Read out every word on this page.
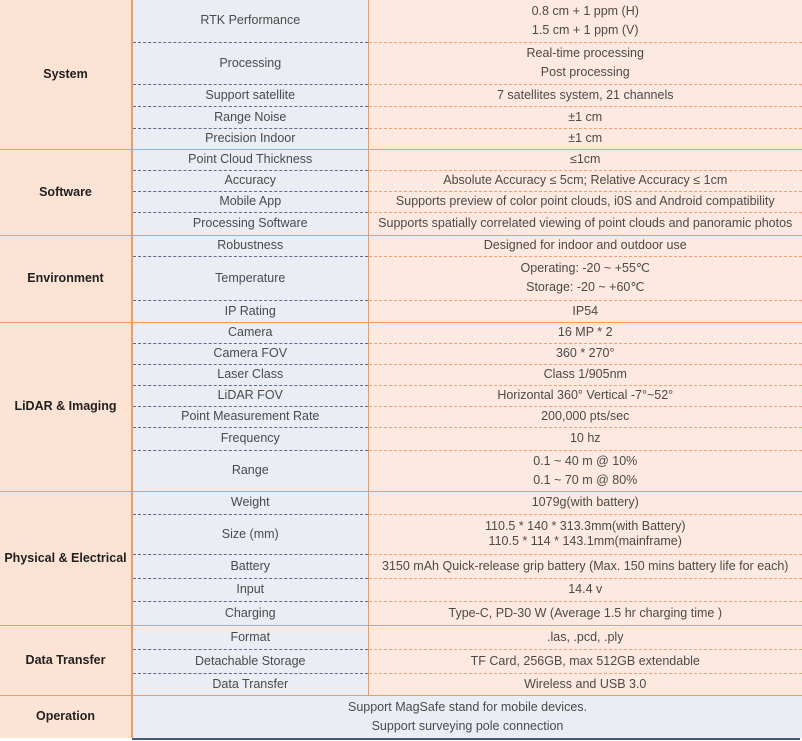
System	RTK Performance	0.8 cm + 1 ppm (H)
1.5 cm + 1 ppm (V)

	Processing	Real-time processing
Post processing

	Support satellite	7 satellites system, 21 channels
	Range Noise	±1 cm
	Precision Indoor	±1 cm
Software	Point Cloud Thickness	≤1cm
	Accuracy	Absolute Accuracy ≤ 5cm; Relative Accuracy ≤ 1cm
	Mobile App	Supports preview of color point clouds, i0S and Android compatibility
	Processing Software	Supports spatially correlated viewing of point clouds and panoramic photos
Environment	Robustness	Designed for indoor and outdoor use
	Temperature	Operating: -20 ~ +55℃
Storage: -20 ~ +60℃

	IP Rating	IP54
LiDAR & Imaging	Camera	16 MP * 2
	Camera FOV	360 * 270°
	Laser Class	Class 1/905nm
	LiDAR FOV	Horizontal 360° Vertical -7°~52°
	Point Measurement Rate	200,000 pts/sec
	Frequency	10 hz
	Range	0.1 ~ 40 m @ 10%
0.1 ~ 70 m @ 80%

Physical & Electrical	Weight	1079g(with battery)
	Size (mm)	110.5 * 140 * 313.3mm(with Battery)
110.5 * 114 * 143.1mm(mainframe)

	Battery	3150 mAh Quick-release grip battery (Max. 150 mins battery life for each)
	Input	14.4 v
	Charging	Type-C, PD-30 W (Average 1.5 hr charging time )
Data Transfer	Format	.las, .pcd, .ply
	Detachable Storage	TF Card, 256GB, max 512GB extendable
	Data Transfer	Wireless and USB 3.0
Operation	Support MagSafe stand for mobile devices.
Support surveying pole connection	
